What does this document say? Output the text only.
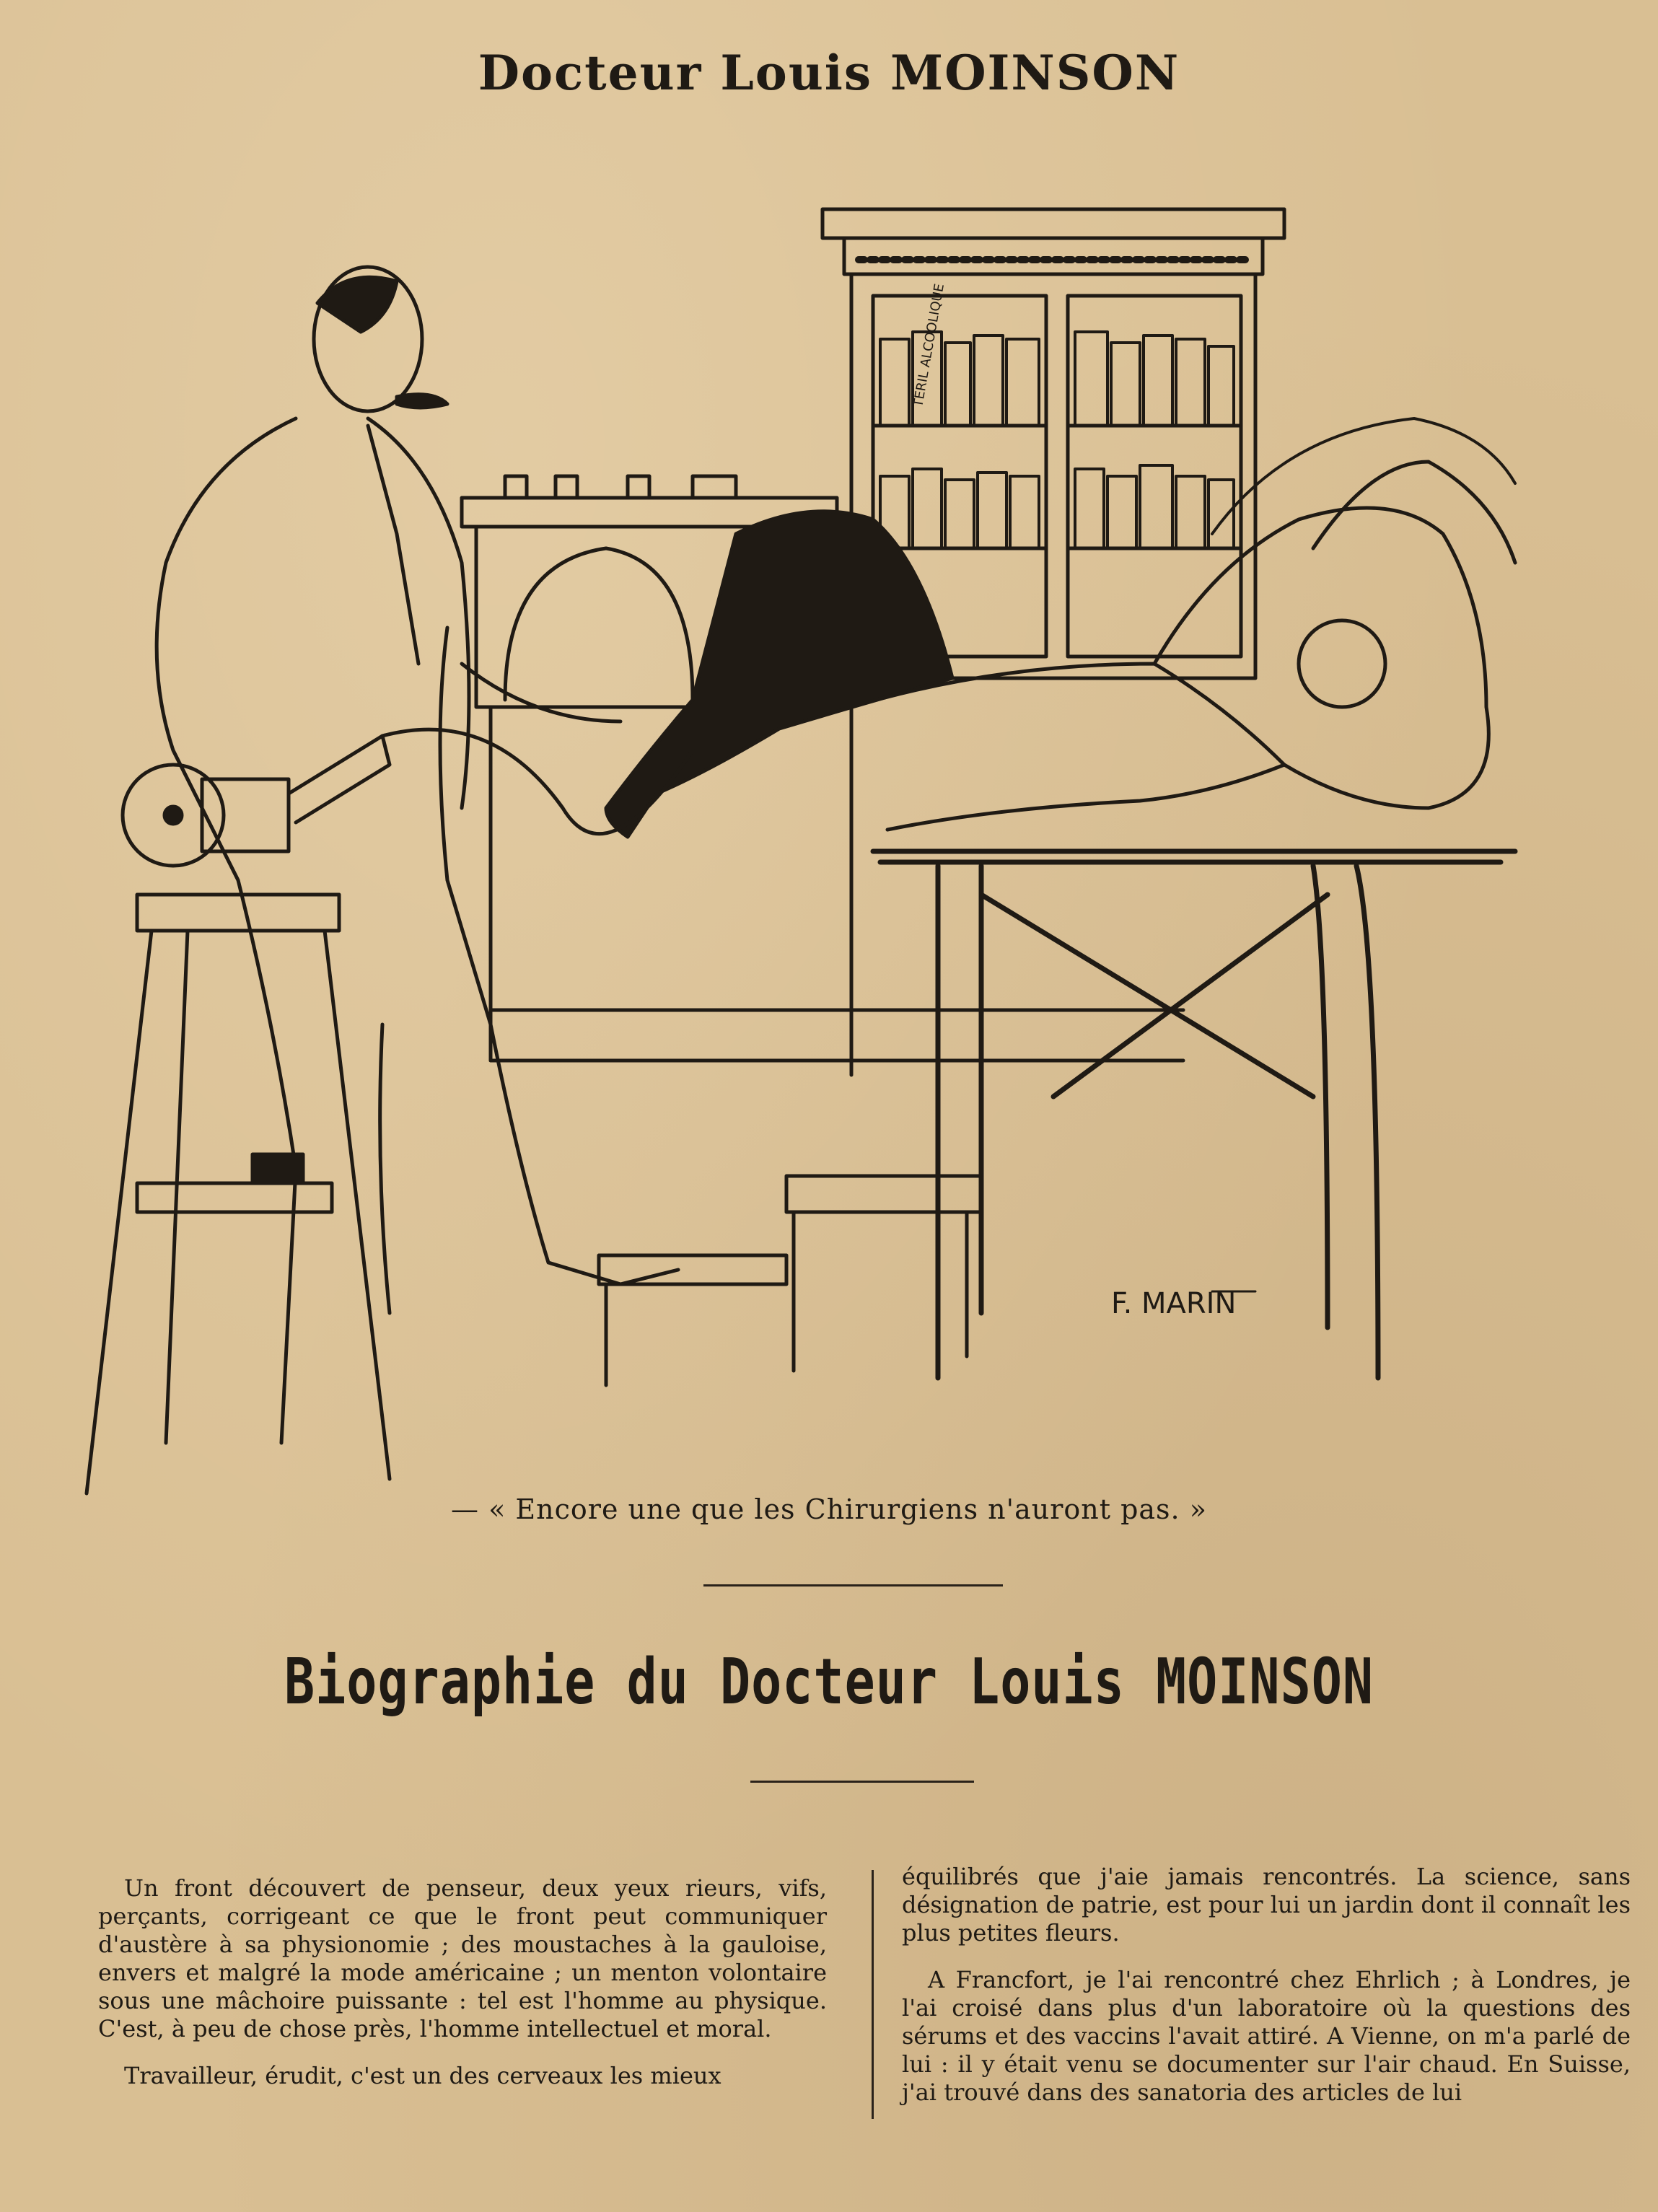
Docteur Louis MOINSON
TERIL ALCOOLIQUE
F. MARIN
— « Encore une que les Chirurgiens n'auront pas. »
Biographie du Docteur Louis MOINSON

Un front découvert de penseur, deux yeux rieurs, vifs, perçants, corrigeant ce que le front peut communiquer d'austère à sa physionomie ; des moustaches à la gauloise, envers et malgré la mode américaine ; un menton volontaire sous une mâchoire puissante : tel est l'homme au physique. C'est, à peu de chose près, l'homme intellectuel et moral.

Travailleur, érudit, c'est un des cerveaux les mieux

équilibrés que j'aie jamais rencontrés. La science, sans désignation de patrie, est pour lui un jardin dont il connaît les plus petites fleurs.

A Francfort, je l'ai rencontré chez Ehrlich ; à Londres, je l'ai croisé dans plus d'un laboratoire où la questions des sérums et des vaccins l'avait attiré. A Vienne, on m'a parlé de lui : il y était venu se documenter sur l'air chaud. En Suisse, j'ai trouvé dans des sanatoria des articles de lui
